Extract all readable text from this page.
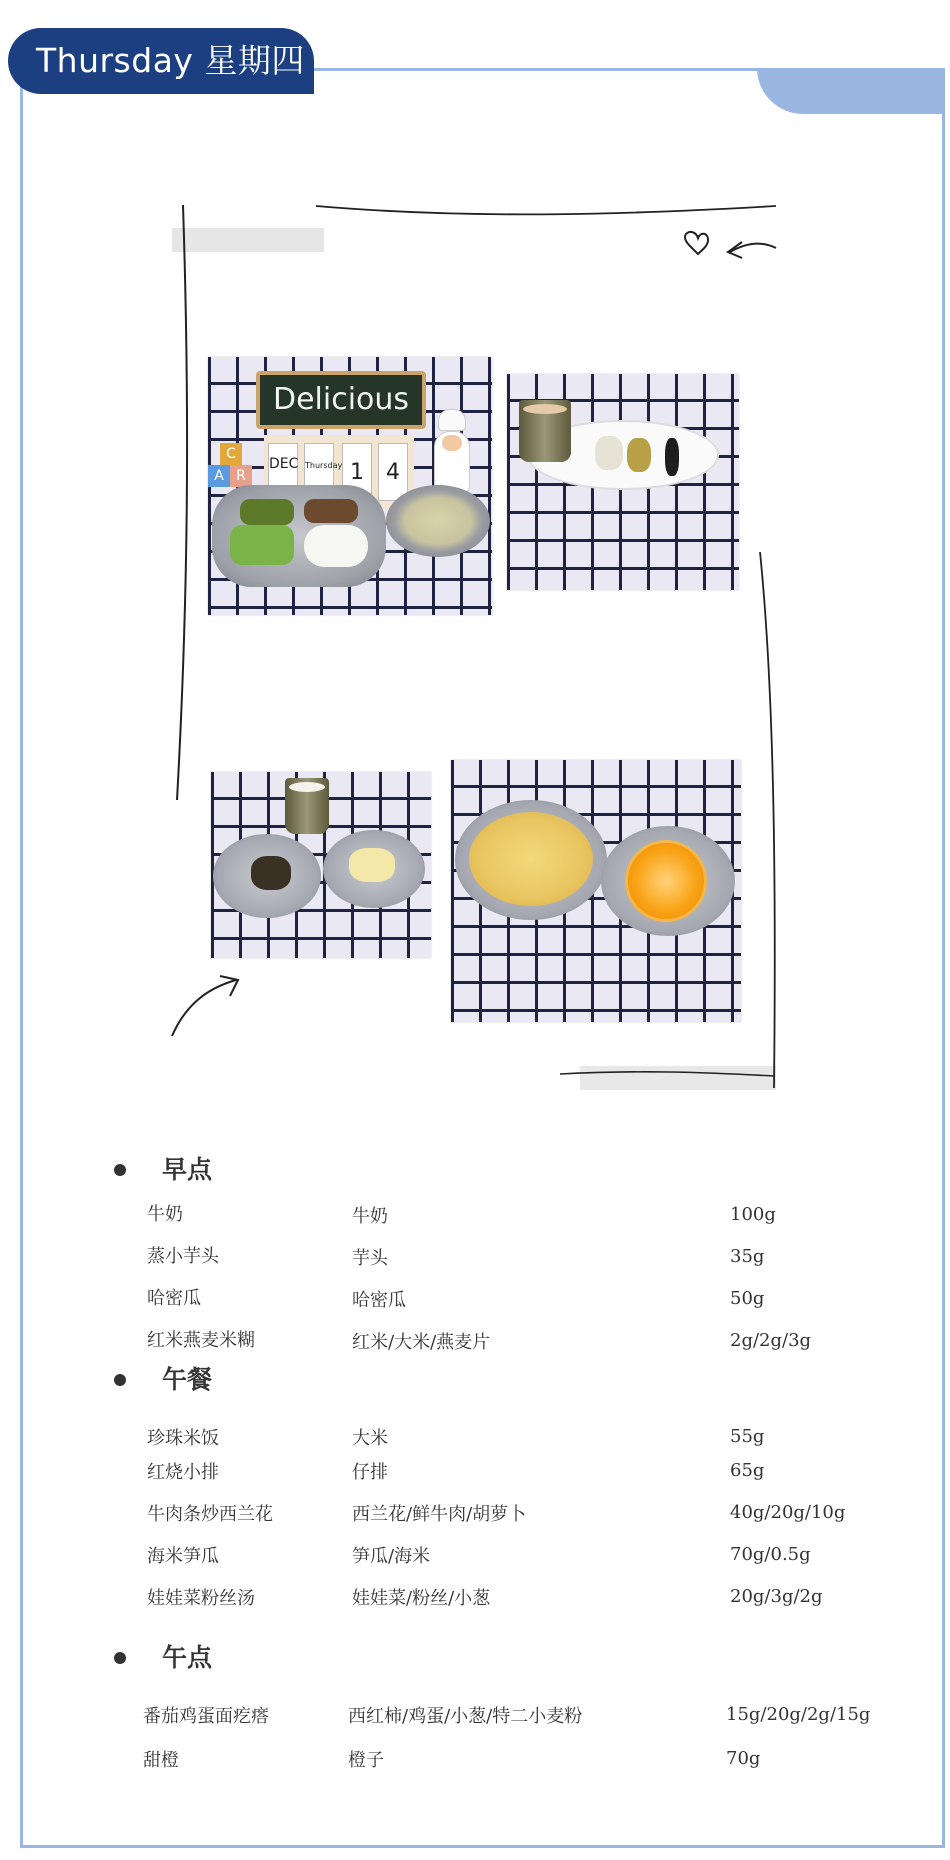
Thursday 星期四
Delicious
DEC Thursday 1	4
C
A R
早点
牛奶	牛奶	100g
蒸小芋头	芋头	35g
哈密瓜	哈密瓜	50g
红米燕麦米糊	红米/大米/燕麦片	2g/2g/3g
午餐
珍珠米饭	大米	55g
红烧小排	仔排	65g
牛肉条炒西兰花	西兰花/鲜牛肉/胡萝卜	40g/20g/10g
海米笋瓜	笋瓜/海米	70g/0.5g
娃娃菜粉丝汤	娃娃菜/粉丝/小葱	20g/3g/2g
午点
番茄鸡蛋面疙瘩	西红柿/鸡蛋/小葱/特二小麦粉	15g/20g/2g/15g
甜橙	橙子	70g
